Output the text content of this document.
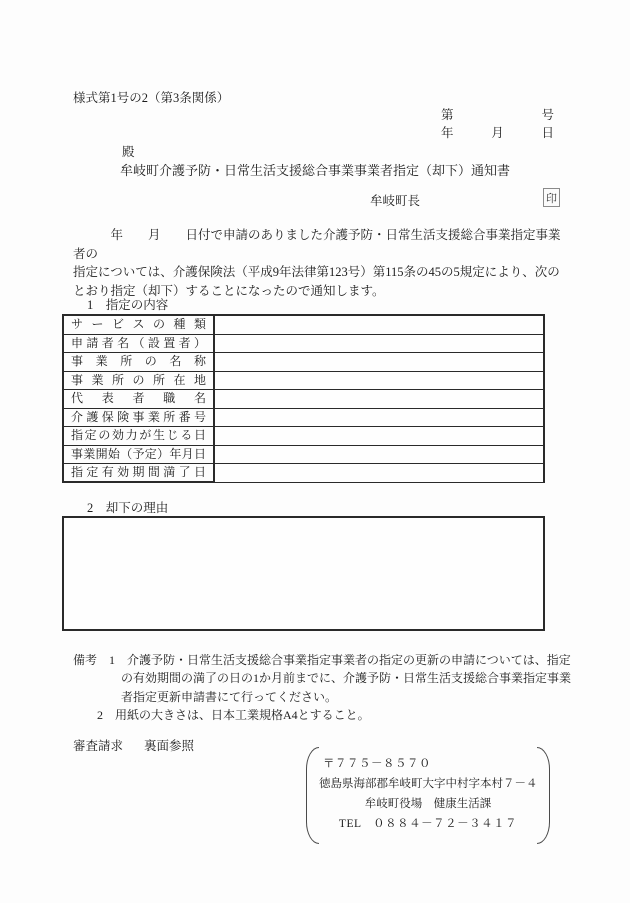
様式第1号の2（第3条関係）
第	号
年	月	日
殿
牟岐町介護予防・日常生活支援総合事業事業者指定（却下）通知書
牟岐町長	印
　　　年　　月　　日付で申請のありました介護予防・日常生活支援総合事業指定事業者の
指定については、介護保険法（平成9年法律第123号）第115条の45の5規定により、次の
とおり指定（却下）することになったので通知します。
1　指定の内容
サービスの種類
申請者名（設置者）
事業所の名称
事業所の所在地
代表者職名
介護保険事業所番号
指定の効力が生じる日
事業開始（予定）年月日
指定有効期間満了日
2　却下の理由
備考　1　介護予防・日常生活支援総合事業指定事業者の指定の更新の申請については、指定
　　　　の有効期間の満了の日の1か月前までに、介護予防・日常生活支援総合事業指定事業
　　　　者指定更新申請書にて行ってください。
　　2　用紙の大きさは、日本工業規格A4とすること。
審査請求 裏面参照
〒７７５－８５７０
徳島県海部郡牟岐町大字中村字本村７－４
牟岐町役場　健康生活課
TEL　０８８４－７２－３４１７
